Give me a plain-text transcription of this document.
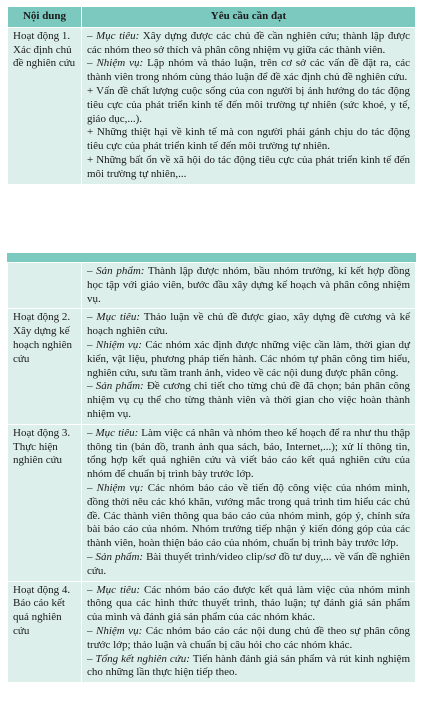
Nội dung	Yêu cầu cần đạt
Hoạt động 1. Xác định chủ đề nghiên cứu	– Mục tiêu: Xây dựng được các chủ đề cần nghiên cứu; thành lập được các nhóm theo sở thích và phân công nhiệm vụ giữa các thành viên.

– Nhiệm vụ: Lập nhóm và thảo luận, trên cơ sở các vấn đề đặt ra, các thành viên trong nhóm cùng thảo luận để đề xác định chủ đề nghiên cứu.

+ Vấn đề chất lượng cuộc sống của con người bị ảnh hưởng do tác động tiêu cực của phát triển kinh tế đến môi trường tự nhiên (sức khoẻ, y tế, giáo dục,...).

+ Những thiệt hại về kinh tế mà con người phải gánh chịu do tác động tiêu cực của phát triển kinh tế đến môi trường tự nhiên.

+ Những bất ổn về xã hội do tác động tiêu cực của phát triển kinh tế đến môi trường tự nhiên,...

	– Sản phẩm: Thành lập được nhóm, bầu nhóm trưởng, kí kết hợp đồng học tập với giáo viên, bước đầu xây dựng kế hoạch và phân công nhiệm vụ.

Hoạt động 2. Xây dựng kế hoạch nghiên cứu	– Mục tiêu: Thảo luận về chủ đề được giao, xây dựng đề cương và kế hoạch nghiên cứu.

– Nhiệm vụ: Các nhóm xác định được những việc cần làm, thời gian dự kiến, vật liệu, phương pháp tiến hành. Các nhóm tự phân công tìm hiểu, nghiên cứu, sưu tầm tranh ảnh, video về các nội dung được phân công.

– Sản phẩm: Đề cương chi tiết cho từng chủ đề đã chọn; bản phân công nhiệm vụ cụ thể cho từng thành viên và thời gian cho việc hoàn thành nhiệm vụ.

Hoạt động 3. Thực hiện nghiên cứu	– Mục tiêu: Làm việc cá nhân và nhóm theo kế hoạch để ra như thu thập thông tin (bản đồ, tranh ảnh qua sách, báo, Internet,...); xử lí thông tin, tổng hợp kết quả nghiên cứu và viết báo cáo kết quả nghiên cứu của nhóm để chuẩn bị trình bày trước lớp.

– Nhiệm vụ: Các nhóm báo cáo về tiến độ công việc của nhóm mình, đồng thời nêu các khó khăn, vướng mắc trong quá trình tìm hiểu các chủ đề. Các thành viên thông qua báo cáo của nhóm mình, góp ý, chỉnh sửa bài báo cáo của nhóm. Nhóm trưởng tiếp nhận ý kiến đóng góp của các thành viên, hoàn thiện báo cáo của nhóm, chuẩn bị trình bày trước lớp.

– Sản phẩm: Bài thuyết trình/video clip/sơ đồ tư duy,... về vấn đề nghiên cứu.

Hoạt động 4. Báo cáo kết quả nghiên cứu	– Mục tiêu: Các nhóm báo cáo được kết quả làm việc của nhóm mình thông qua các hình thức thuyết trình, thảo luận; tự đánh giá sản phẩm của mình và đánh giá sản phẩm của các nhóm khác.

– Nhiệm vụ: Các nhóm báo cáo các nội dung chủ đề theo sự phân công trước lớp; thảo luận và chuẩn bị câu hỏi cho các nhóm khác.

– Tổng kết nghiên cứu: Tiến hành đánh giá sản phẩm và rút kinh nghiệm cho những lần thực hiện tiếp theo.
